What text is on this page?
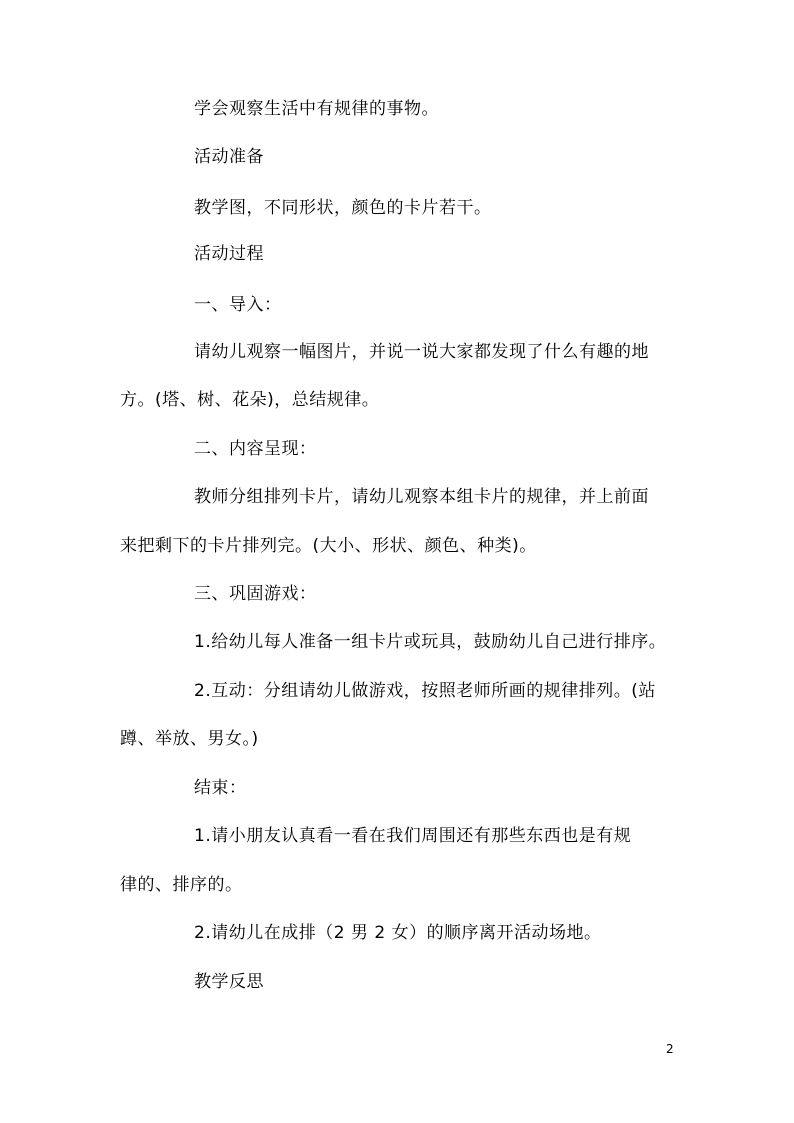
学会观察生活中有规律的事物。
活动准备
教学图，不同形状，颜色的卡片若干。
活动过程
一、导入：
请幼儿观察一幅图片，并说一说大家都发现了什么有趣的地
方。(塔、树、花朵)，总结规律。
二、内容呈现：
教师分组排列卡片，请幼儿观察本组卡片的规律，并上前面
来把剩下的卡片排列完。(大小、形状、颜色、种类)。
三、巩固游戏：
1.给幼儿每人准备一组卡片或玩具，鼓励幼儿自己进行排序。
2.互动：分组请幼儿做游戏，按照老师所画的规律排列。(站
蹲、举放、男女。)
结束：
1.请小朋友认真看一看在我们周围还有那些东西也是有规
律的、排序的。
2.请幼儿在成排（2 男 2 女）的顺序离开活动场地。
教学反思
2
